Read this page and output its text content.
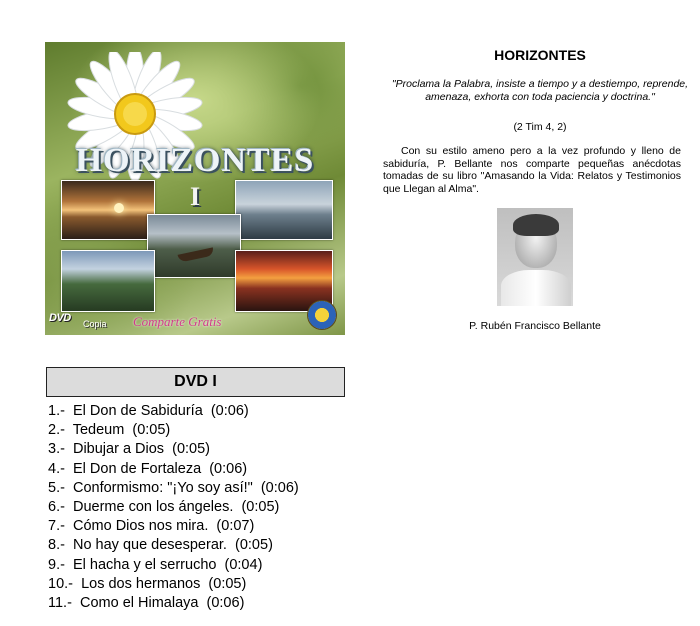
HORIZONTES
I
DVD Copia Comparte Gratis
HORIZONTES
"Proclama la Palabra, insiste a tiempo y a destiempo, reprende, amenaza, exhorta con toda paciencia y doctrina."
(2 Tim 4, 2)
Con su estilo ameno pero a la vez profundo y lleno de sabiduría, P. Bellante nos comparte pequeñas anécdotas tomadas de su libro "Amasando la Vida: Relatos y Testimonios que Llegan al Alma".
P. Rubén Francisco Bellante
DVD I
1.- El Don de Sabiduría (0:06)
2.- Tedeum (0:05)
3.- Dibujar a Dios (0:05)
4.- El Don de Fortaleza (0:06)
5.- Conformismo: "¡Yo soy así!" (0:06)
6.- Duerme con los ángeles. (0:05)
7.- Cómo Dios nos mira. (0:07)
8.- No hay que desesperar. (0:05)
9.- El hacha y el serrucho (0:04)
10.- Los dos hermanos (0:05)
11.- Como el Himalaya (0:06)
